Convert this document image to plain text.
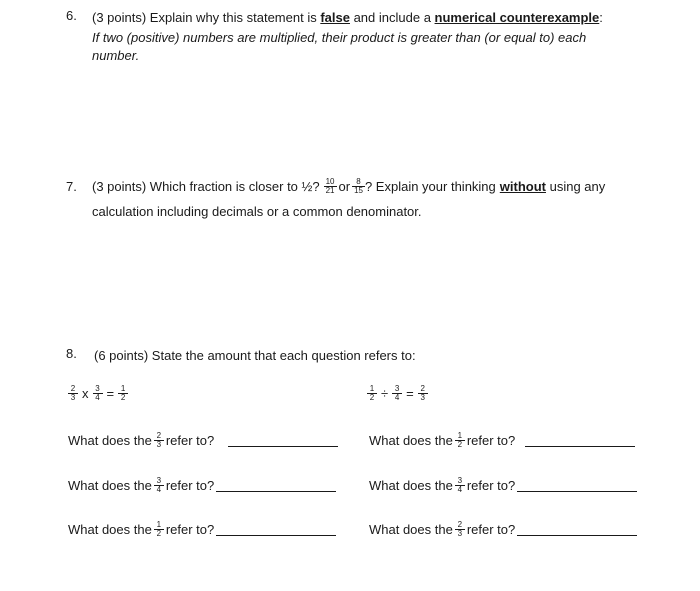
6. (3 points) Explain why this statement is false and include a numerical counterexample:
If two (positive) numbers are multiplied, their product is greater than (or equal to) each
number.
7. (3 points) Which fraction is closer to ½? $\frac{10}{21}$ or $\frac{8}{15}$ ? Explain your thinking without using any
calculation including decimals or a common denominator.
8. (6 points) State the amount that each question refers to:
$\frac{2}{3}$ x $\frac{3}{4} = \frac{1}{2}$	$\frac{1}{2} \div \frac{3}{4} = \frac{2}{3}$
What does the $\frac{2}{3}$ refer to?
What does the $\frac{3}{4}$ refer to?
What does the $\frac{1}{2}$ refer to?
What does the $\frac{1}{2}$ refer to?
What does the $\frac{3}{4}$ refer to?
What does the $\frac{2}{3}$ refer to?
